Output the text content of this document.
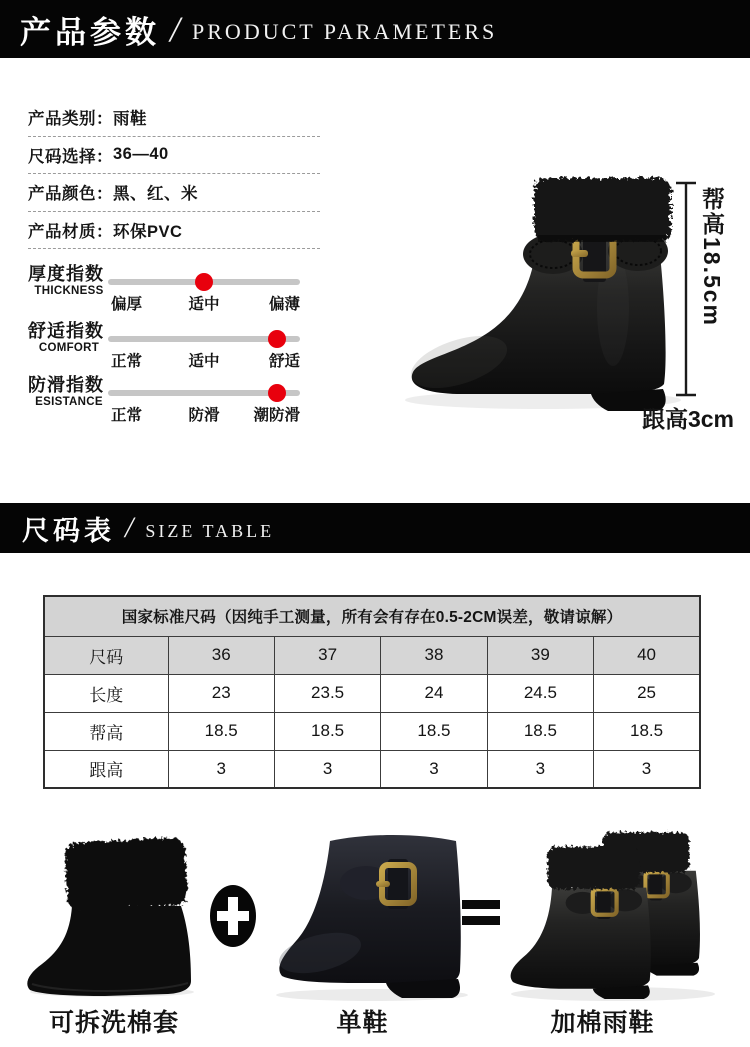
产品参数 / PRODUCT PARAMETERS
产品类别： 雨鞋
尺码选择： 36—40
产品颜色： 黑、红、米
产品材质： 环保PVC
厚度指数
THICKNESS
偏厚	适中	偏薄
舒适指数
COMFORT
正常	适中	舒适
防滑指数
ESISTANCE
正常	防滑 潮防滑
帮高18.5cm
跟高3cm
尺码表 / SIZE TABLE
国家标准尺码（因纯手工测量，所有会有存在0.5-2CM误差，敬请谅解）					
尺码	36	37	38	39	40
长度	23	23.5	24	24.5	25
帮高	18.5	18.5	18.5	18.5	18.5
跟高	3	3	3	3	3
可拆洗棉套	单鞋	加棉雨鞋
